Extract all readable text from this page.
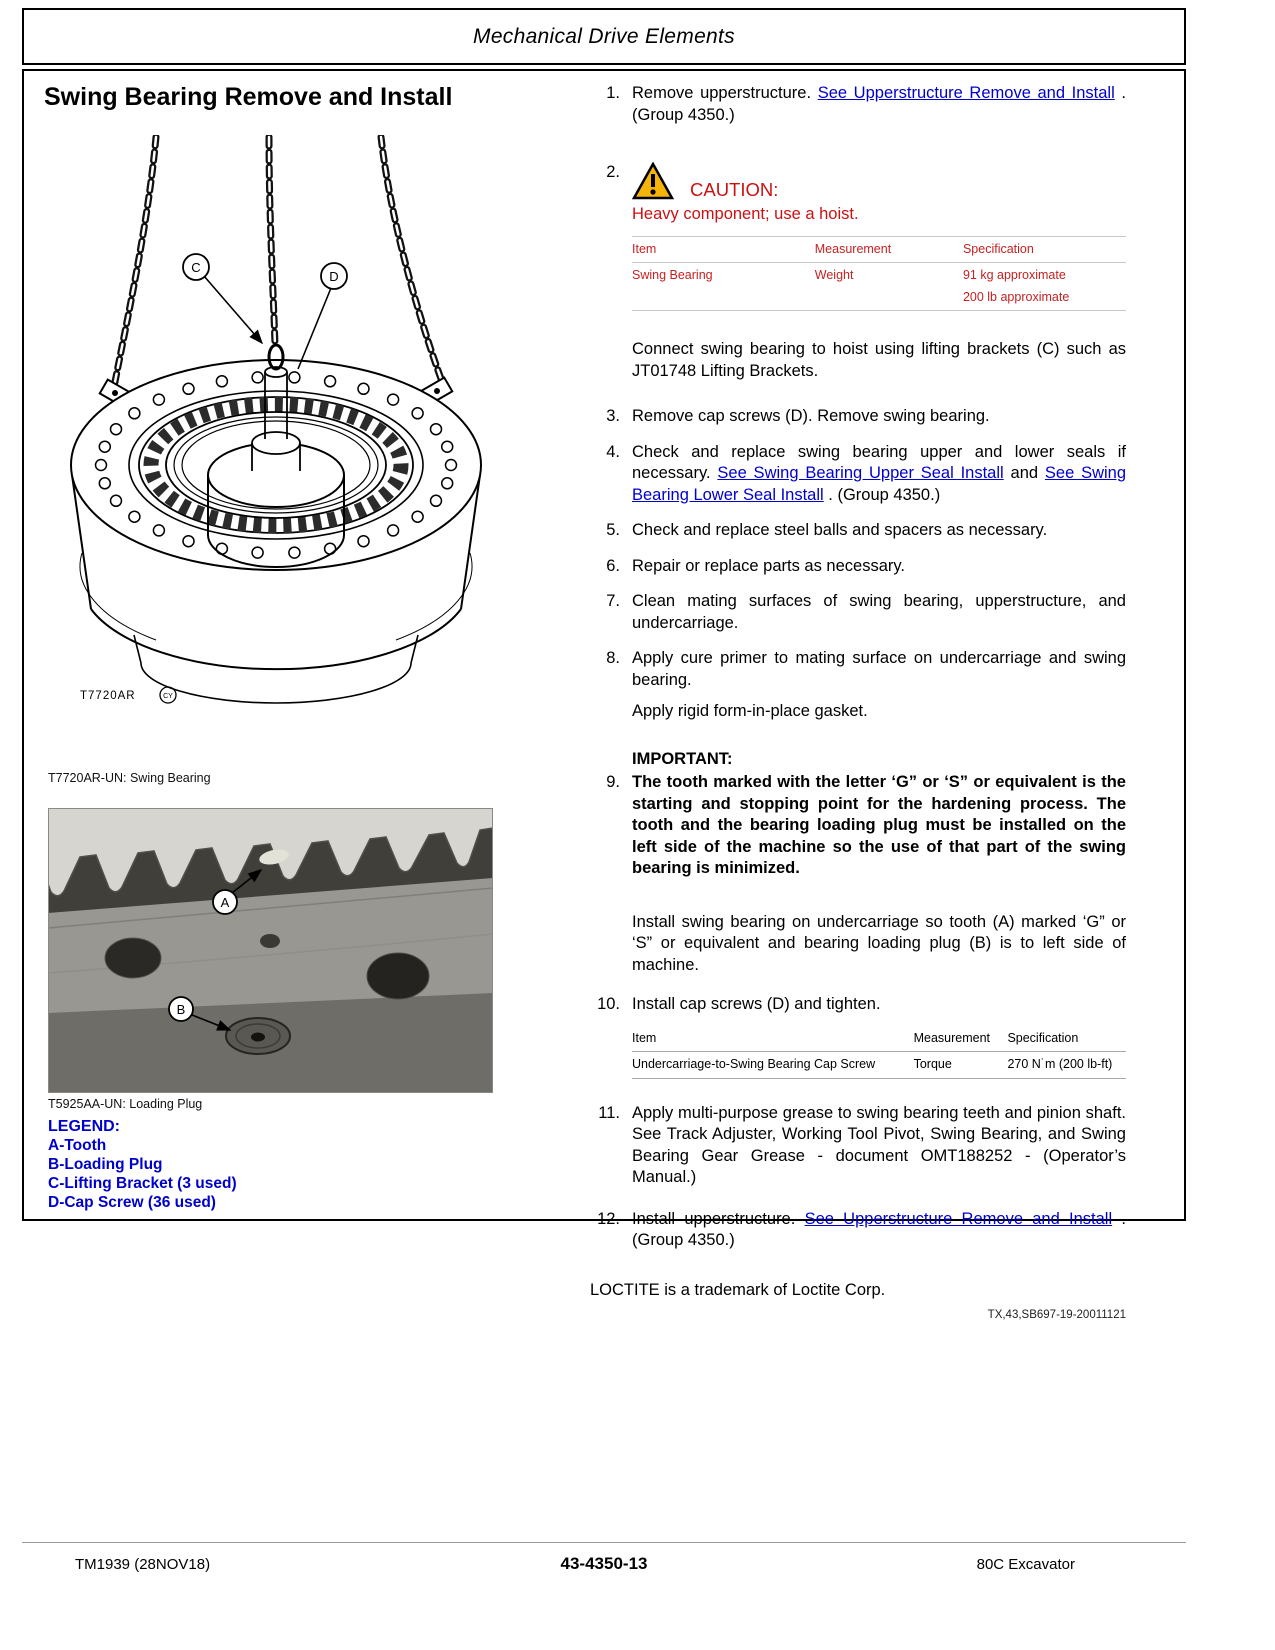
Mechanical Drive Elements
Swing Bearing Remove and Install
C
D
T7720AR	CY
T7720AR-UN: Swing Bearing
A
B
T5925AA-UN: Loading Plug
LEGEND:
A-Tooth
B-Loading Plug
C-Lifting Bracket (3 used)
D-Cap Screw (36 used)
1. Remove upperstructure. See Upperstructure Remove and Install . (Group 4350.)
2.
CAUTION:
Heavy component; use a hoist.
Item	Measurement	Specification
Swing Bearing	Weight	91 kg approximate
200 lb approximate
Connect swing bearing to hoist using lifting brackets (C) such as JT01748 Lifting Brackets.
3. Remove cap screws (D). Remove swing bearing.
4. Check and replace swing bearing upper and lower seals if necessary. See Swing Bearing Upper Seal Install and See Swing Bearing Lower Seal Install . (Group 4350.)
5. Check and replace steel balls and spacers as necessary.
6. Repair or replace parts as necessary.
7. Clean mating surfaces of swing bearing, upperstructure, and undercarriage.
8. Apply cure primer to mating surface on undercarriage and swing bearing.
Apply rigid form-in-place gasket.
IMPORTANT:
9. The tooth marked with the letter ‘G” or ‘S” or equivalent is the starting and stopping point for the hardening process. The tooth and the bearing loading plug must be installed on the left side of the machine so the use of that part of the swing bearing is minimized.
Install swing bearing on undercarriage so tooth (A) marked ‘G” or ‘S” or equivalent and bearing loading plug (B) is to left side of machine.
10. Install cap screws (D) and tighten.
Item	Measurement	Specification
Undercarriage-to-Swing Bearing Cap Screw	Torque	270 N˙m (200 lb-ft)
11. Apply multi-purpose grease to swing bearing teeth and pinion shaft. See Track Adjuster, Working Tool Pivot, Swing Bearing, and Swing Bearing Gear Grease - document OMT188252 - (Operator’s Manual.)
12. Install upperstructure. See Upperstructure Remove and Install . (Group 4350.)
LOCTITE is a trademark of Loctite Corp.
TX,43,SB697-19-20011121
TM1939 (28NOV18)	43-4350-13	80C Excavator
